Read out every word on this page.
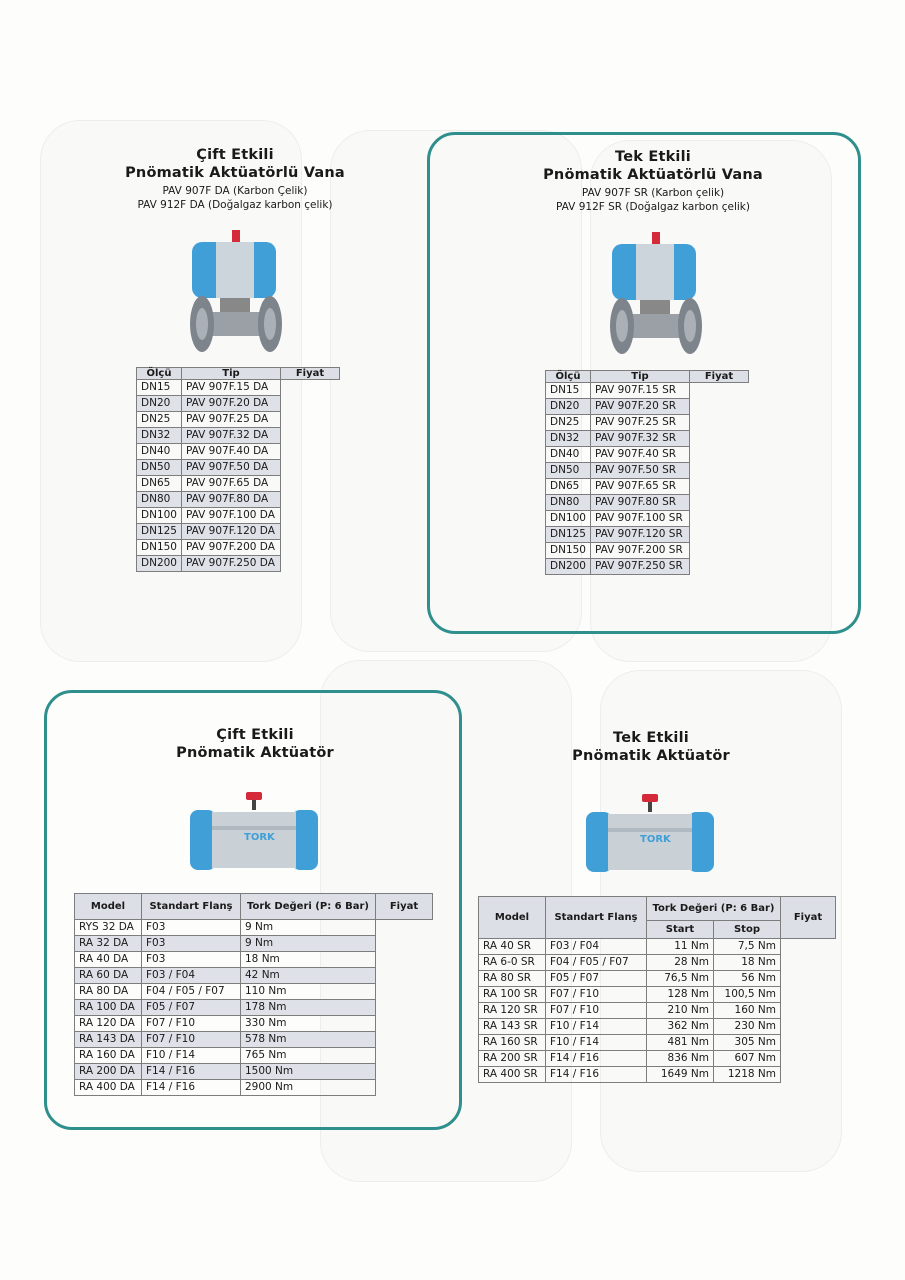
Çift Etkili
Pnömatik Aktüatörlü Vana
PAV 907F DA (Karbon Çelik)
PAV 912F DA (Doğalgaz karbon çelik)
Ölçü	Tip	Fiyat
DN15	PAV 907F.15 DA	
DN20	PAV 907F.20 DA	
DN25	PAV 907F.25 DA	
DN32	PAV 907F.32 DA	
DN40	PAV 907F.40 DA	
DN50	PAV 907F.50 DA	
DN65	PAV 907F.65 DA	
DN80	PAV 907F.80 DA	
DN100	PAV 907F.100 DA	
DN125	PAV 907F.120 DA	
DN150	PAV 907F.200 DA	
DN200	PAV 907F.250 DA	
Tek Etkili
Pnömatik Aktüatörlü Vana
PAV 907F SR (Karbon çelik)
PAV 912F SR (Doğalgaz karbon çelik)
Ölçü	Tip	Fiyat
DN15	PAV 907F.15 SR	
DN20	PAV 907F.20 SR	
DN25	PAV 907F.25 SR	
DN32	PAV 907F.32 SR	
DN40	PAV 907F.40 SR	
DN50	PAV 907F.50 SR	
DN65	PAV 907F.65 SR	
DN80	PAV 907F.80 SR	
DN100	PAV 907F.100 SR	
DN125	PAV 907F.120 SR	
DN150	PAV 907F.200 SR	
DN200	PAV 907F.250 SR	
Çift Etkili
Pnömatik Aktüatör
TORK
Model	Standart Flanş	Tork Değeri (P: 6 Bar)	Fiyat
RYS 32 DA	F03	9 Nm	
RA 32 DA	F03	9 Nm	
RA 40 DA	F03	18 Nm	
RA 60 DA	F03 / F04	42 Nm	
RA 80 DA	F04 / F05 / F07	110 Nm	
RA 100 DA	F05 / F07	178 Nm	
RA 120 DA	F07 / F10	330 Nm	
RA 143 DA	F07 / F10	578 Nm	
RA 160 DA	F10 / F14	765 Nm	
RA 200 DA	F14 / F16	1500 Nm	
RA 400 DA	F14 / F16	2900 Nm	
Tek Etkili
Pnömatik Aktüatör
TORK
Model	Standart Flanş	Tork Değeri (P: 6 Bar)		Fiyat
		Start	Stop	
RA 40 SR	F03 / F04	11 Nm	7,5 Nm	
RA 6-0 SR	F04 / F05 / F07	28 Nm	18 Nm	
RA 80 SR	F05 / F07	76,5 Nm	56 Nm	
RA 100 SR	F07 / F10	128 Nm	100,5 Nm	
RA 120 SR	F07 / F10	210 Nm	160 Nm	
RA 143 SR	F10 / F14	362 Nm	230 Nm	
RA 160 SR	F10 / F14	481 Nm	305 Nm	
RA 200 SR	F14 / F16	836 Nm	607 Nm	
RA 400 SR	F14 / F16	1649 Nm	1218 Nm	
